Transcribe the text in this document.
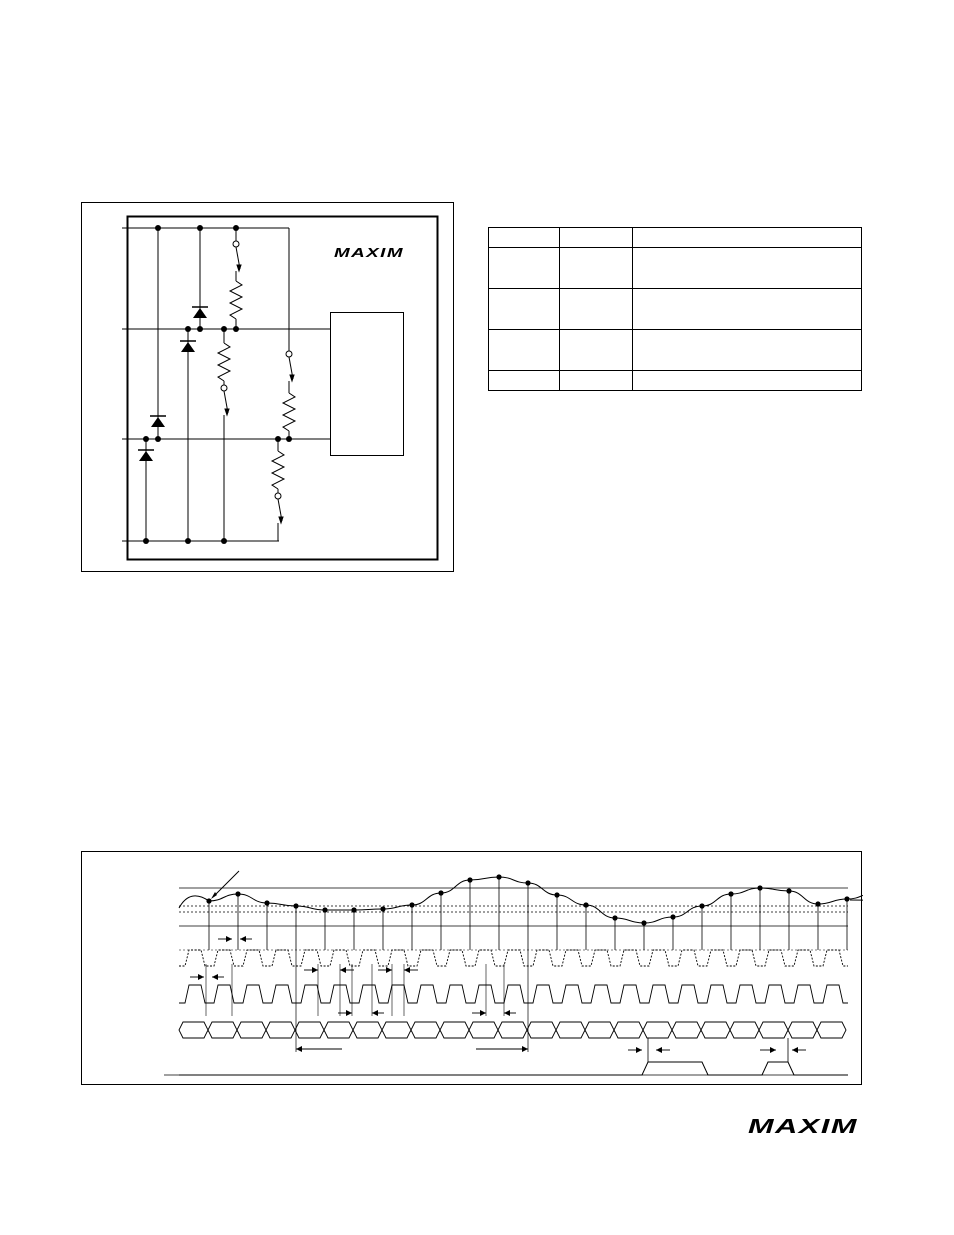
MAXIM

MAXIM
